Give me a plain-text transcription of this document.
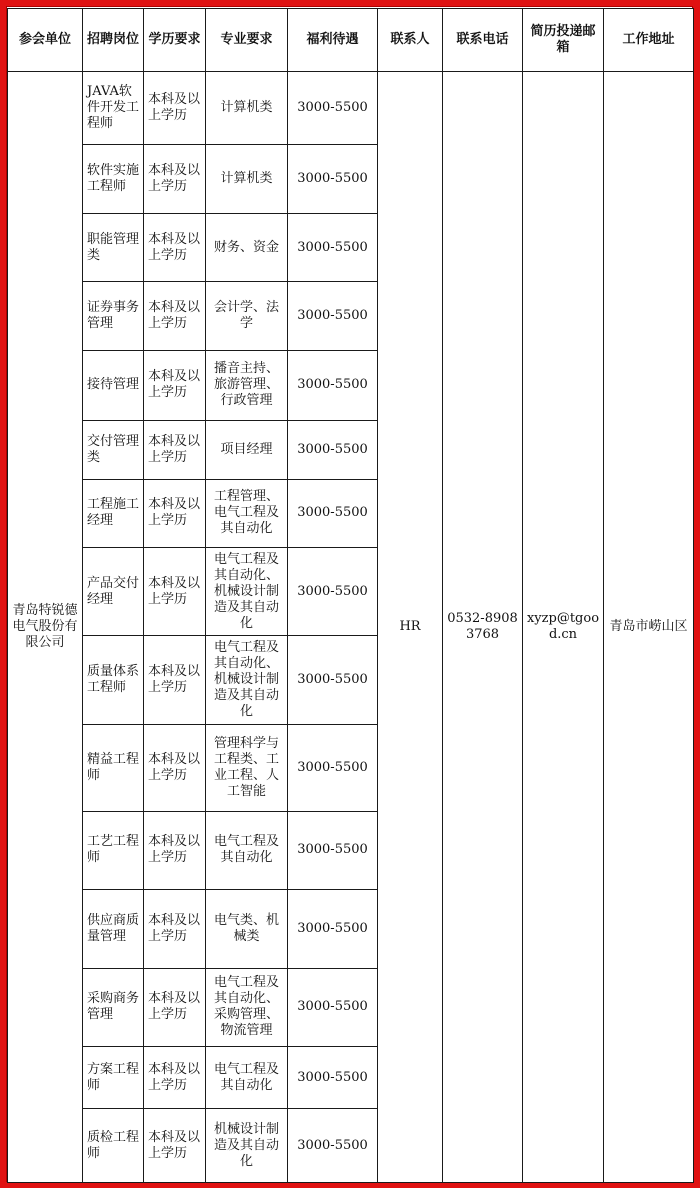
参会单位	招聘岗位	学历要求	专业要求	福利待遇	联系人	联系电话	简历投递邮箱	工作地址
青岛特锐德电气股份有限公司	JAVA软件开发工程师	本科及以上学历	计算机类	3000-5500	HR	0532-89083768	xyzp@tgood.cn	青岛市崂山区
	软件实施工程师	本科及以上学历	计算机类	3000-5500				
	职能管理类	本科及以上学历	财务、资金	3000-5500				
	证券事务管理	本科及以上学历	会计学、法学	3000-5500				
	接待管理	本科及以上学历	播音主持、旅游管理、行政管理	3000-5500				
	交付管理类	本科及以上学历	项目经理	3000-5500				
	工程施工经理	本科及以上学历	工程管理、电气工程及其自动化	3000-5500				
	产品交付经理	本科及以上学历	电气工程及其自动化、机械设计制造及其自动化	3000-5500				
	质量体系工程师	本科及以上学历	电气工程及其自动化、机械设计制造及其自动化	3000-5500				
	精益工程师	本科及以上学历	管理科学与工程类、工业工程、人工智能	3000-5500				
	工艺工程师	本科及以上学历	电气工程及其自动化	3000-5500				
	供应商质量管理	本科及以上学历	电气类、机械类	3000-5500				
	采购商务管理	本科及以上学历	电气工程及其自动化、采购管理、物流管理	3000-5500				
	方案工程师	本科及以上学历	电气工程及其自动化	3000-5500				
	质检工程师	本科及以上学历	机械设计制造及其自动化	3000-5500				
